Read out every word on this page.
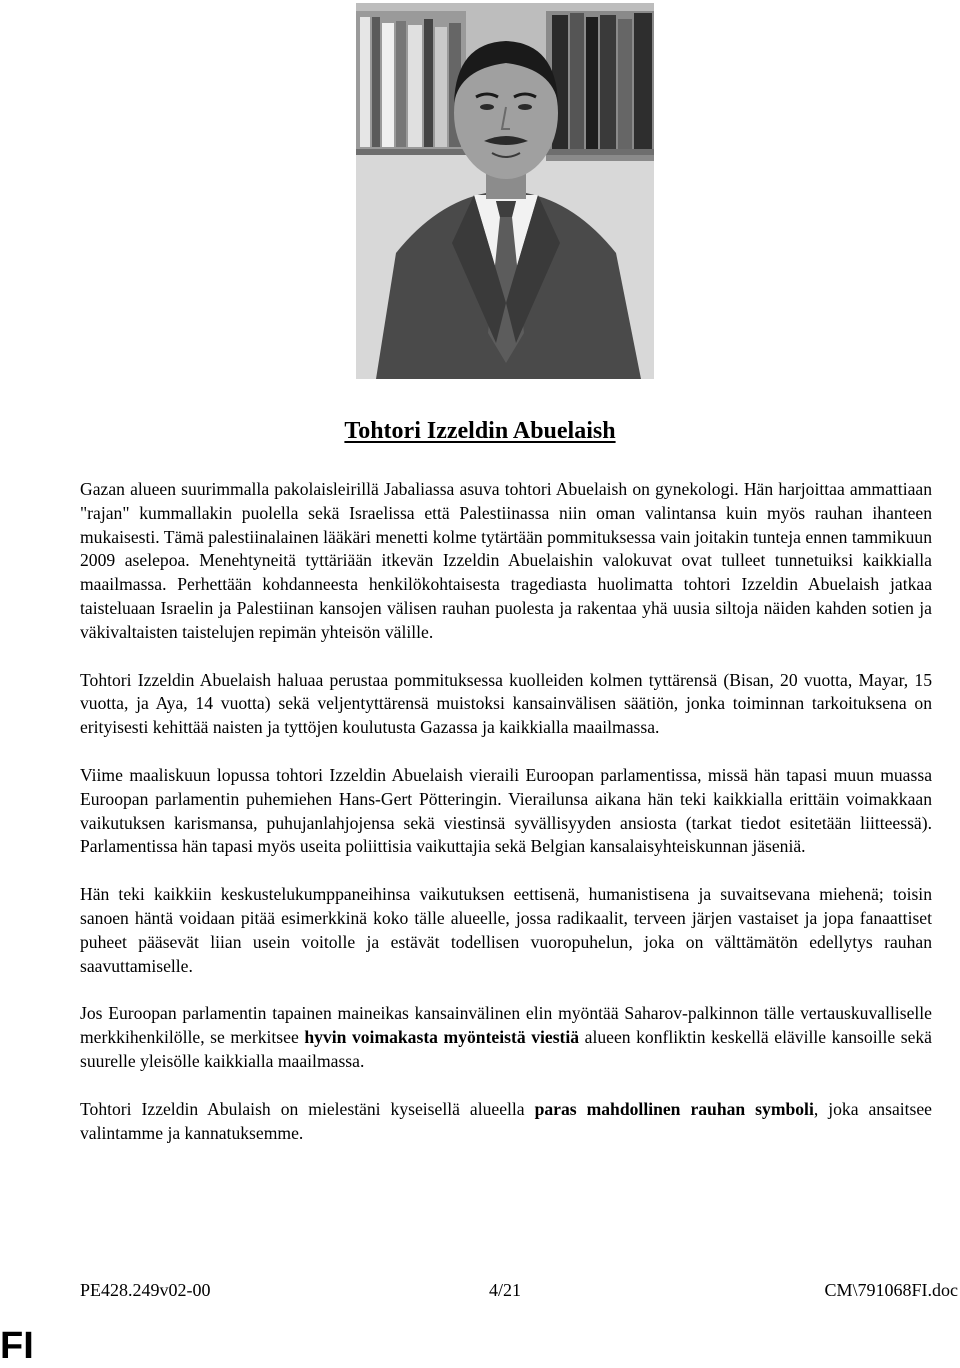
Tohtori Izzeldin Abuelaish

Gazan alueen suurimmalla pakolaisleirillä Jabaliassa asuva tohtori Abuelaish on gynekologi. Hän harjoittaa ammattiaan "rajan" kummallakin puolella sekä Israelissa että Palestiinassa niin oman valintansa kuin myös rauhan ihanteen mukaisesti. Tämä palestiinalainen lääkäri menetti kolme tytärtään pommituksessa vain joitakin tunteja ennen tammikuun 2009 aselepoa. Menehtyneitä tyttäriään itkevän Izzeldin Abuelaishin valokuvat ovat tulleet tunnetuiksi kaikkialla maailmassa. Perhettään kohdanneesta henkilökohtaisesta tragediasta huolimatta tohtori Izzeldin Abuelaish jatkaa taisteluaan Israelin ja Palestiinan kansojen välisen rauhan puolesta ja rakentaa yhä uusia siltoja näiden kahden sotien ja väkivaltaisten taistelujen repimän yhteisön välille.

Tohtori Izzeldin Abuelaish haluaa perustaa pommituksessa kuolleiden kolmen tyttärensä (Bisan, 20 vuotta, Mayar, 15 vuotta, ja Aya, 14 vuotta) sekä veljentyttärensä muistoksi kansainvälisen säätiön, jonka toiminnan tarkoituksena on erityisesti kehittää naisten ja tyttöjen koulutusta Gazassa ja kaikkialla maailmassa.

Viime maaliskuun lopussa tohtori Izzeldin Abuelaish vieraili Euroopan parlamentissa, missä hän tapasi muun muassa Euroopan parlamentin puhemiehen Hans-Gert Pötteringin. Vierailunsa aikana hän teki kaikkialla erittäin voimakkaan vaikutuksen karismansa, puhujanlahjojensa sekä viestinsä syvällisyyden ansiosta (tarkat tiedot esitetään liitteessä). Parlamentissa hän tapasi myös useita poliittisia vaikuttajia sekä Belgian kansalaisyhteiskunnan jäseniä.

Hän teki kaikkiin keskustelukumppaneihinsa vaikutuksen eettisenä, humanistisena ja suvaitsevana miehenä; toisin sanoen häntä voidaan pitää esimerkkinä koko tälle alueelle, jossa radikaalit, terveen järjen vastaiset ja jopa fanaattiset puheet pääsevät liian usein voitolle ja estävät todellisen vuoropuhelun, joka on välttämätön edellytys rauhan saavuttamiselle.

Jos Euroopan parlamentin tapainen maineikas kansainvälinen elin myöntää Saharov-palkinnon tälle vertauskuvalliselle merkkihenkilölle, se merkitsee hyvin voimakasta myönteistä viestiä alueen konfliktin keskellä eläville kansoille sekä suurelle yleisölle kaikkialla maailmassa.

Tohtori Izzeldin Abulaish on mielestäni kyseisellä alueella paras mahdollinen rauhan symboli, joka ansaitsee valintamme ja kannatuksemme.

PE428.249v02-00	4/21	CM\791068FI.doc
FI
